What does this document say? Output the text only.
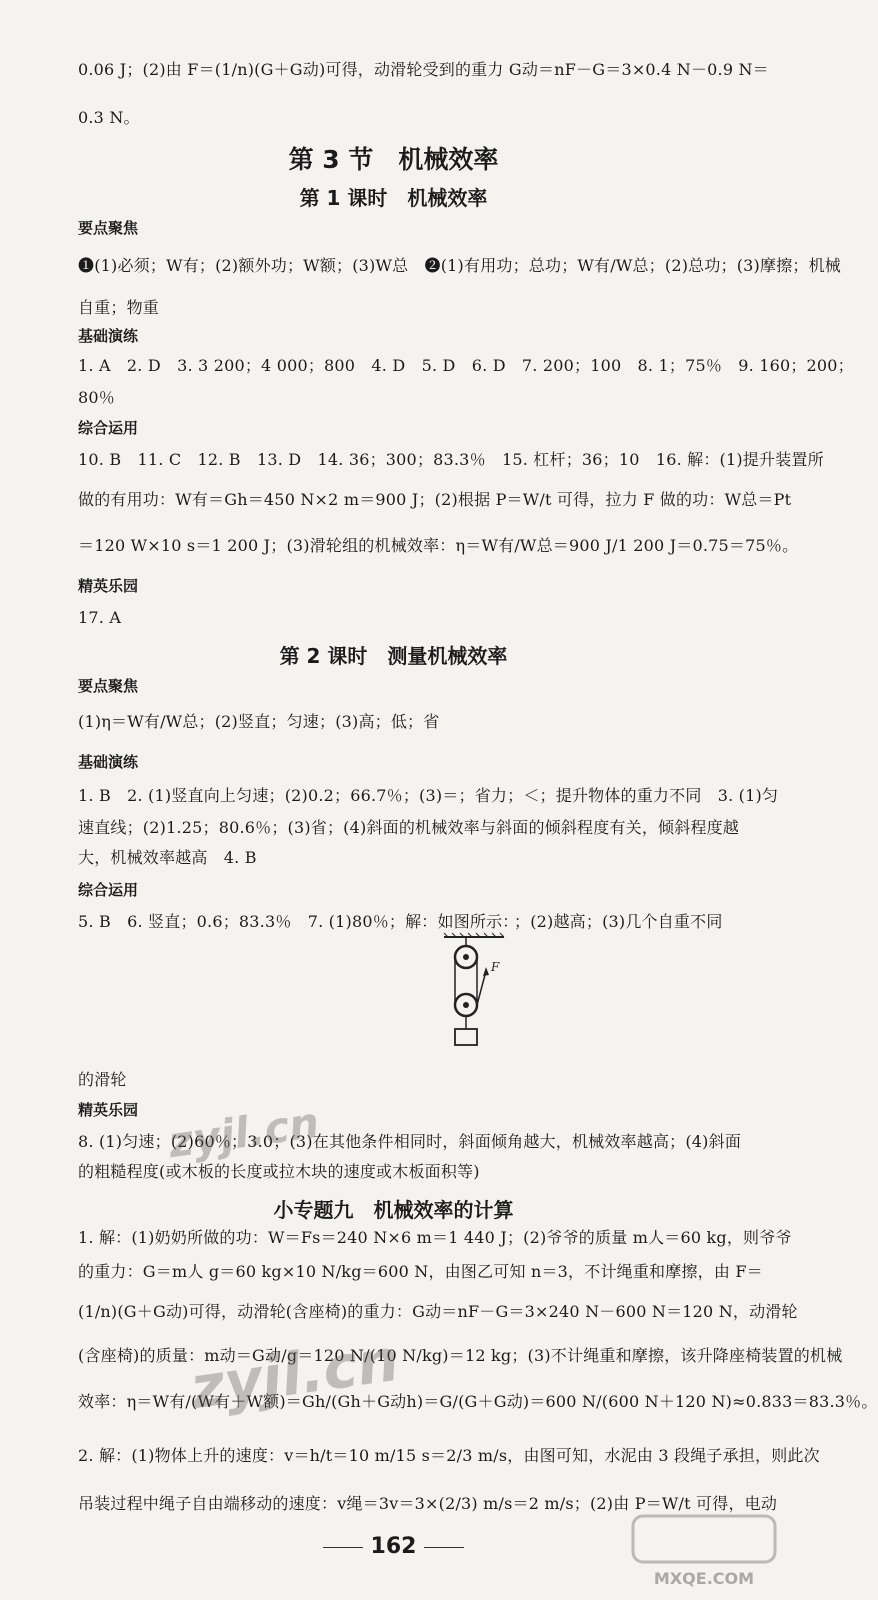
0.06 J；(2)由 F＝(1/n)(G＋G动)可得，动滑轮受到的重力 G动＝nF－G＝3×0.4 N－0.9 N＝
0.3 N。
第 3 节　机械效率
第 1 课时　机械效率
要点聚焦
❶(1)必须；W有；(2)额外功；W额；(3)W总　❷(1)有用功；总功；W有/W总；(2)总功；(3)摩擦；机械
自重；物重
基础演练
1. A　2. D　3. 3 200；4 000；800　4. D　5. D　6. D　7. 200；100　8. 1；75％　9. 160；200；
80％
综合运用
10. B　11. C　12. B　13. D　14. 36；300；83.3％　15. 杠杆；36；10　16. 解：(1)提升装置所
做的有用功：W有＝Gh＝450 N×2 m＝900 J；(2)根据 P＝W/t 可得，拉力 F 做的功：W总＝Pt
＝120 W×10 s＝1 200 J；(3)滑轮组的机械效率：η＝W有/W总＝900 J/1 200 J＝0.75＝75％。
精英乐园
17. A
第 2 课时　测量机械效率
要点聚焦
(1)η＝W有/W总；(2)竖直；匀速；(3)高；低；省
基础演练
1. B　2. (1)竖直向上匀速；(2)0.2；66.7％；(3)＝；省力；＜；提升物体的重力不同　3. (1)匀
速直线；(2)1.25；80.6％；(3)省；(4)斜面的机械效率与斜面的倾斜程度有关，倾斜程度越
大，机械效率越高　4. B
综合运用
5. B　6. 竖直；0.6；83.3％　7. (1)80％；解：如图所示：
；(2)越高；(3)几个自重不同
F
的滑轮
精英乐园
8. (1)匀速；(2)60％；3.0；(3)在其他条件相同时，斜面倾角越大，机械效率越高；(4)斜面
的粗糙程度(或木板的长度或拉木块的速度或木板面积等)
小专题九　机械效率的计算
1. 解：(1)奶奶所做的功：W＝Fs＝240 N×6 m＝1 440 J；(2)爷爷的质量 m人＝60 kg，则爷爷
的重力：G＝m人 g＝60 kg×10 N/kg＝600 N，由图乙可知 n＝3，不计绳重和摩擦，由 F＝
(1/n)(G＋G动)可得，动滑轮(含座椅)的重力：G动＝nF－G＝3×240 N－600 N＝120 N，动滑轮
(含座椅)的质量：m动＝G动/g＝120 N/(10 N/kg)＝12 kg；(3)不计绳重和摩擦，该升降座椅装置的机械
效率：η＝W有/(W有＋W额)＝Gh/(Gh＋G动h)＝G/(G＋G动)＝600 N/(600 N＋120 N)≈0.833＝83.3％。
2. 解：(1)物体上升的速度：v＝h/t＝10 m/15 s＝2/3 m/s，由图可知，水泥由 3 段绳子承担，则此次
吊装过程中绳子自由端移动的速度：v绳＝3v＝3×(2/3) m/s＝2 m/s；(2)由 P＝W/t 可得，电动
162
zyjl.cn
zyjl.cn
MXQE.COM
